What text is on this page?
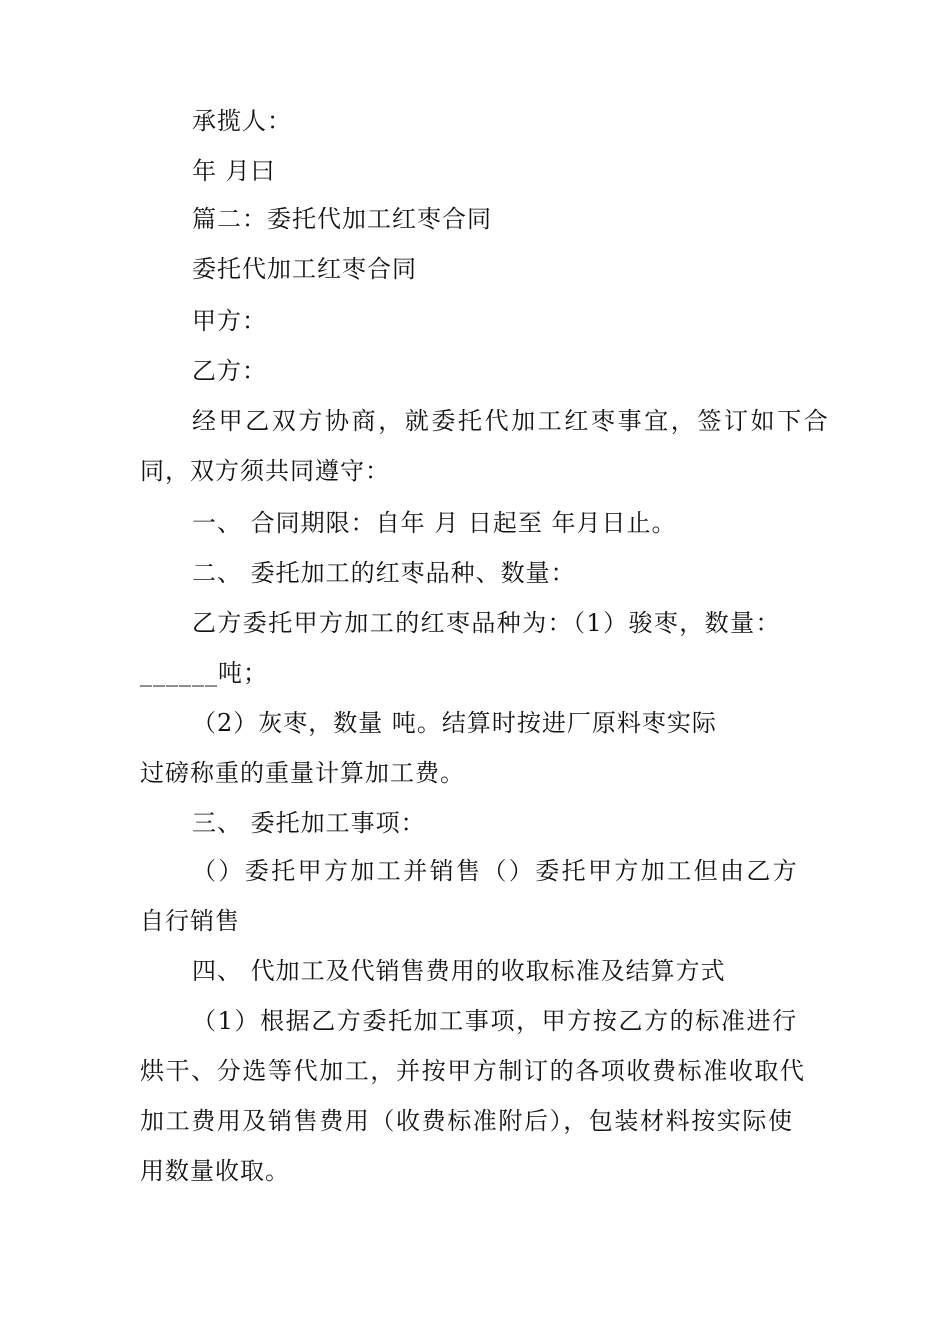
承揽人：
年 月曰
篇二：委托代加工红枣合同
委托代加工红枣合同
甲方：
乙方：
经甲乙双方协商，就委托代加工红枣事宜，签订如下合
同，双方须共同遵守：
一、 合同期限：自年 月 日起至 年月日止。
二、 委托加工的红枣品种、数量：
乙方委托甲方加工的红枣品种为：（1）骏枣，数量：
______吨；
（2）灰枣，数量 吨。结算时按进厂原料枣实际
过磅称重的重量计算加工费。
三、 委托加工事项：
（）委托甲方加工并销售（）委托甲方加工但由乙方
自行销售
四、 代加工及代销售费用的收取标准及结算方式
（1）根据乙方委托加工事项，甲方按乙方的标准进行
烘干、分选等代加工，并按甲方制订的各项收费标准收取代
加工费用及销售费用（收费标准附后），包装材料按实际使
用数量收取。
